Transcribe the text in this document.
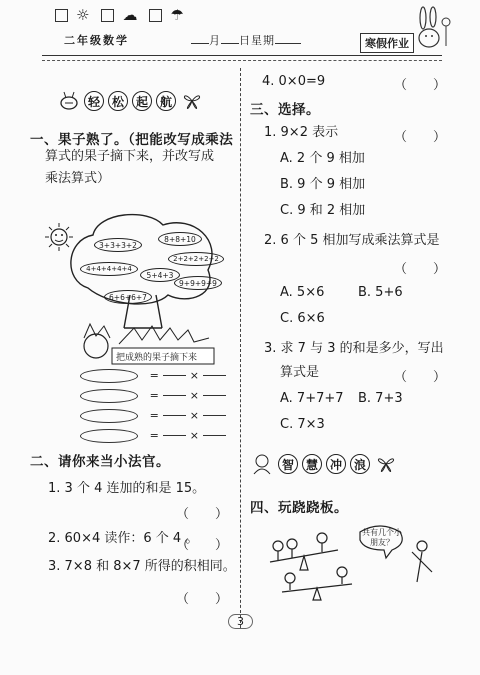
☼ ☁ ☂
二年级数学	月 日星期	寒假作业
轻 松 起 航
一、果子熟了。（把能改写成乘法
算式的果子摘下来，并改写成
乘法算式）
3+3+3+2
8+8+10
4+4+4+4+4
2+2+2+2+2
5+4+3
9+9+9+9
6+6+6+7
把成熟的果子摘下来
=	×
=	×
=	×
=	×
二、请你来当小法官。
1. 3 个 4 连加的和是 15。
（　　）
2. 60×4 读作：6 个 4 。
（　　）
3. 7×8 和 8×7 所得的积相同。
（　　）
4. 0×0=9	（　　）
三、选择。
1. 9×2 表示	（　　）
A. 2 个 9 相加
B. 9 个 9 相加
C. 9 和 2 相加
2. 6 个 5 相加写成乘法算式是
（　　）
A. 5×6	B. 5+6
C. 6×6
3. 求 7 与 3 的和是多少，写出
算式是	（　　）
A. 7+7+7 B. 7+3
C. 7×3
智 慧 冲 浪
四、玩跷跷板。
共有几个小朋友？
3
